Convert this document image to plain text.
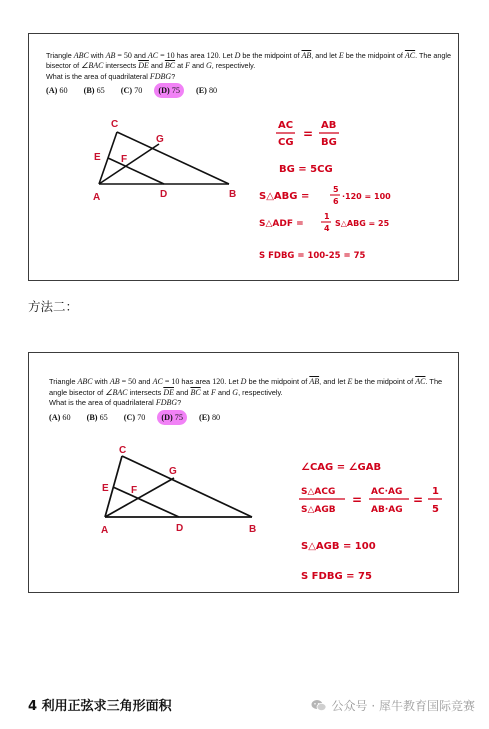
Triangle ABC with AB = 50 and AC = 10 has area 120. Let D be the midpoint of $\overline{AB}$, and let E be the midpoint of $\overline{AC}$. The angle bisector of ∠BAC intersects $\overline{DE}$ and $\overline{BC}$ at F and G, respectively.
What is the area of quadrilateral FDBG?
(A) 60 (B) 65 (C) 70 (D) 75 (E) 80
C
G
E F
A	D	B
AC
CG
=
AB
BG
BG = 5CG
S△ABG =
5
6
·120 = 100
S△ADF =
1
4
S△ABG = 25
S FDBG = 100-25 = 75
方法二：
Triangle ABC with AB = 50 and AC = 10 has area 120. Let D be the midpoint of $\overline{AB}$, and let E be the midpoint of $\overline{AC}$. The angle bisector of ∠BAC intersects $\overline{DE}$ and $\overline{BC}$ at F and G, respectively.
What is the area of quadrilateral FDBG?
(A) 60 (B) 65 (C) 70 (D) 75 (E) 80
C
G
E F
A	D	B
∠CAG = ∠GAB
S△ACG
S△AGB
=
AC·AG
AB·AG
=
1
5
S△AGB = 100
S FDBG = 75
4 利用正弦求三角形面积	公众号 · 犀牛教育国际竞赛
